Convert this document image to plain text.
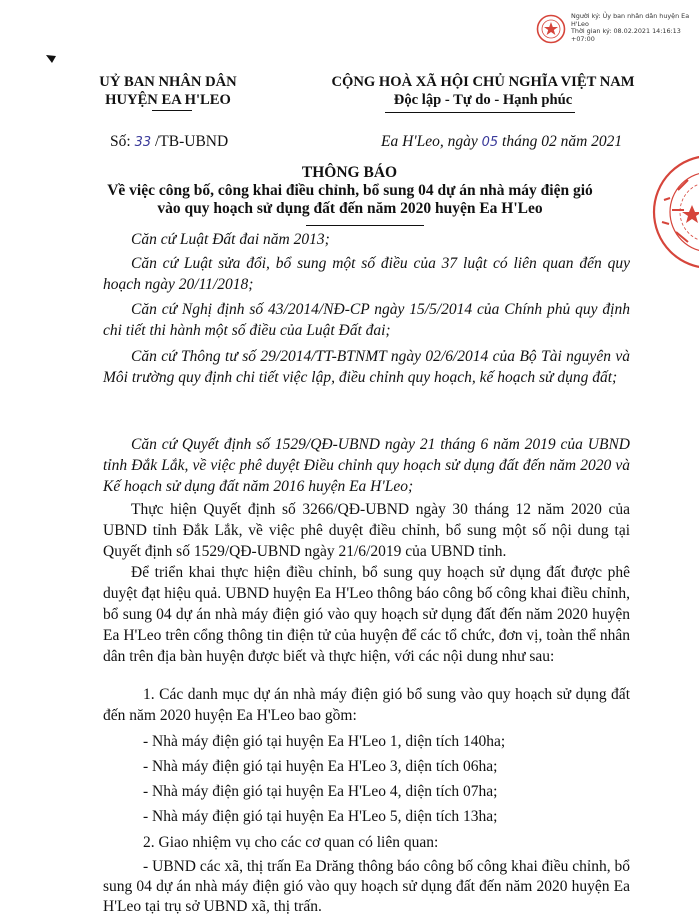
Người ký: Ủy ban nhân dân huyện Ea H'Leo
Thời gian ký: 08.02.2021 14:16:13 +07:00
UỶ BAN NHÂN DÂN
HUYỆN EA H'LEO
CỘNG HOÀ XÃ HỘI CHỦ NGHĨA VIỆT NAM
Độc lập - Tự do - Hạnh phúc
Số: 33 /TB-UBND	Ea H'Leo, ngày 05 tháng 02 năm 2021
THÔNG BÁO
Về việc công bố, công khai điều chỉnh, bổ sung 04 dự án nhà máy điện gió
vào quy hoạch sử dụng đất đến năm 2020 huyện Ea H'Leo
Căn cứ Luật Đất đai năm 2013;
Căn cứ Luật sửa đổi, bổ sung một số điều của 37 luật có liên quan đến quy hoạch ngày 20/11/2018;
Căn cứ Nghị định số 43/2014/NĐ-CP ngày 15/5/2014 của Chính phủ quy định chi tiết thi hành một số điều của Luật Đất đai;
Căn cứ Thông tư số 29/2014/TT-BTNMT ngày 02/6/2014 của Bộ Tài nguyên và Môi trường quy định chi tiết việc lập, điều chỉnh quy hoạch, kế hoạch sử dụng đất;
Căn cứ Quyết định số 1529/QĐ-UBND ngày 21 tháng 6 năm 2019 của UBND tỉnh Đắk Lắk, về việc phê duyệt Điều chỉnh quy hoạch sử dụng đất đến năm 2020 và Kế hoạch sử dụng đất năm 2016 huyện Ea H'Leo;
Thực hiện Quyết định số 3266/QĐ-UBND ngày 30 tháng 12 năm 2020 của UBND tỉnh Đắk Lắk, về việc phê duyệt điều chỉnh, bổ sung một số nội dung tại Quyết định số 1529/QĐ-UBND ngày 21/6/2019 của UBND tỉnh.
Để triển khai thực hiện điều chỉnh, bổ sung quy hoạch sử dụng đất được phê duyệt đạt hiệu quả. UBND huyện Ea H'Leo thông báo công bố công khai điều chỉnh, bổ sung 04 dự án nhà máy điện gió vào quy hoạch sử dụng đất đến năm 2020 huyện Ea H'Leo trên cổng thông tin điện tử của huyện để các tổ chức, đơn vị, toàn thể nhân dân trên địa bàn huyện được biết và thực hiện, với các nội dung như sau:
1. Các danh mục dự án nhà máy điện gió bổ sung vào quy hoạch sử dụng đất đến năm 2020 huyện Ea H'Leo bao gồm:
- Nhà máy điện gió tại huyện Ea H'Leo 1, diện tích 140ha;
- Nhà máy điện gió tại huyện Ea H'Leo 3, diện tích 06ha;
- Nhà máy điện gió tại huyện Ea H'Leo 4, diện tích 07ha;
- Nhà máy điện gió tại huyện Ea H'Leo 5, diện tích 13ha;
2. Giao nhiệm vụ cho các cơ quan có liên quan:
- UBND các xã, thị trấn Ea Drăng thông báo công bố công khai điều chỉnh, bổ sung 04 dự án nhà máy điện gió vào quy hoạch sử dụng đất đến năm 2020 huyện Ea H'Leo tại trụ sở UBND xã, thị trấn.
